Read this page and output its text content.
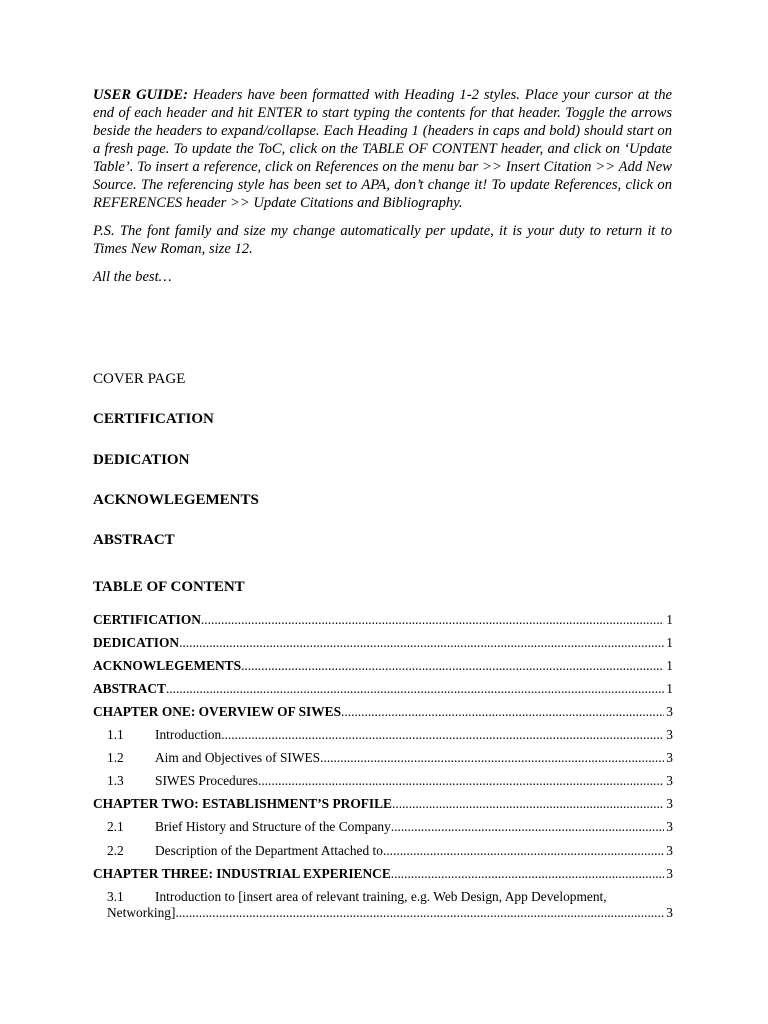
USER GUIDE: Headers have been formatted with Heading 1-2 styles. Place your cursor at the end of each header and hit ENTER to start typing the contents for that header. Toggle the arrows beside the headers to expand/collapse. Each Heading 1 (headers in caps and bold) should start on a fresh page. To update the ToC, click on the TABLE OF CONTENT header, and click on ‘Update Table’. To insert a reference, click on References on the menu bar >> Insert Citation >> Add New Source. The referencing style has been set to APA, don’t change it! To update References, click on REFERENCES header >> Update Citations and Bibliography.

P.S. The font family and size my change automatically per update, it is your duty to return it to Times New Roman, size 12.

All the best…

COVER PAGE
CERTIFICATION
DEDICATION
ACKNOWLEGEMENTS
ABSTRACT
TABLE OF CONTENT
CERTIFICATION .....	1
DEDICATION .....	1
ACKNOWLEGEMENTS .....	1
ABSTRACT .....	1
CHAPTER ONE: OVERVIEW OF SIWES .....	3
1.1	Introduction .....	3
1.2	Aim and Objectives of SIWES .....	3
1.3	SIWES Procedures .....	3
CHAPTER TWO: ESTABLISHMENT’S PROFILE .....	3
2.1	Brief History and Structure of the Company .....	3
2.2	Description of the Department Attached to .....	3
CHAPTER THREE: INDUSTRIAL EXPERIENCE .....	3
3.1	Introduction to [insert area of relevant training, e.g. Web Design, App Development,
Networking] .....	3
